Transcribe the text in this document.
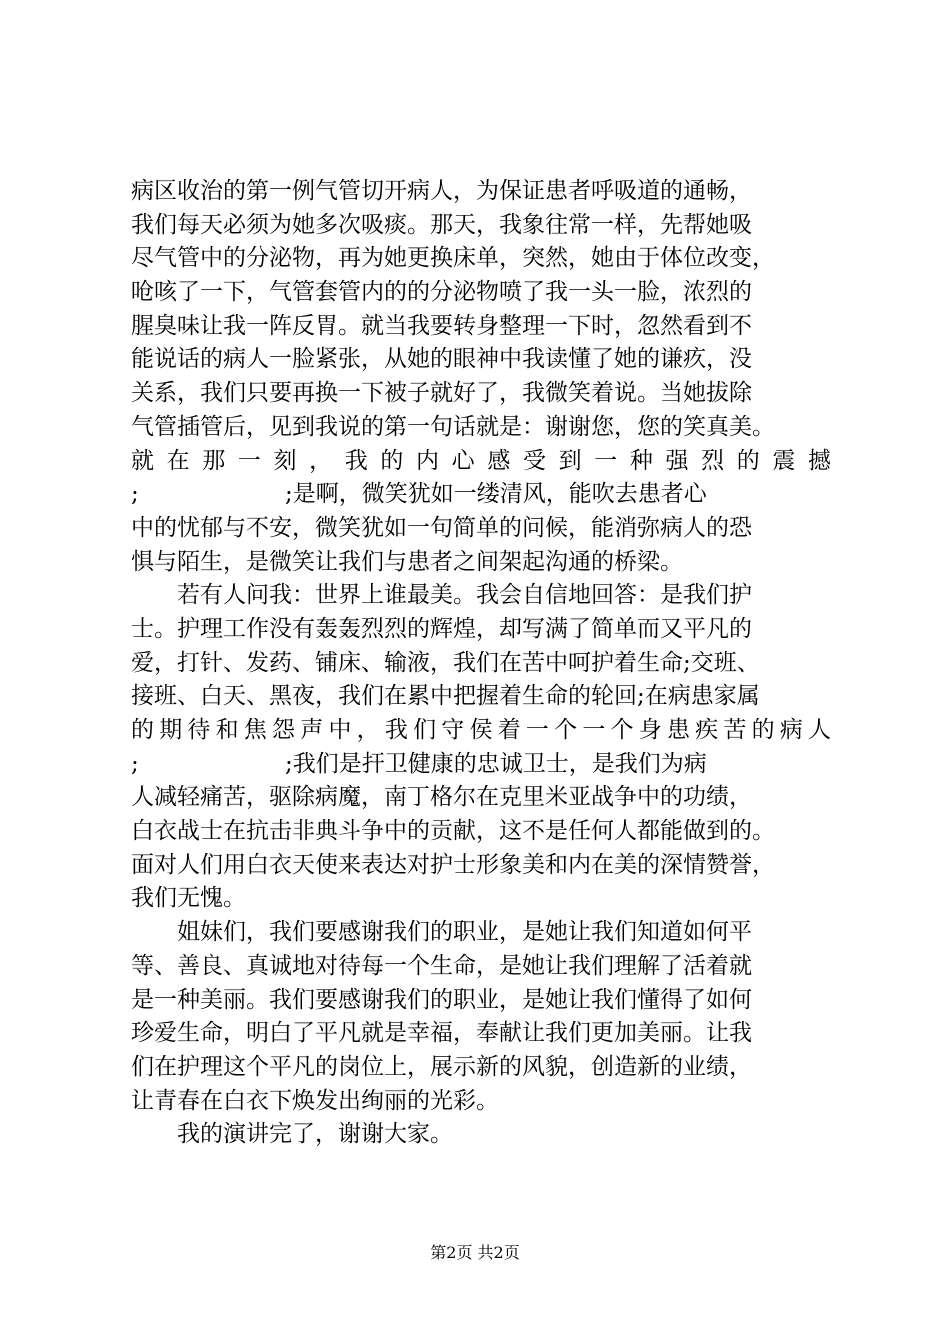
病区收治的第一例气管切开病人，为保证患者呼吸道的通畅，
我们每天必须为她多次吸痰。那天，我象往常一样，先帮她吸
尽气管中的分泌物，再为她更换床单，突然，她由于体位改变，
呛咳了一下，气管套管内的的分泌物喷了我一头一脸，浓烈的
腥臭味让我一阵反胃。就当我要转身整理一下时，忽然看到不
能说话的病人一脸紧张，从她的眼神中我读懂了她的谦疚，没
关系，我们只要再换一下被子就好了，我微笑着说。当她拔除
气管插管后，见到我说的第一句话就是：谢谢您，您的笑真美。
就在那一刻，我的内心感受到一种强烈的震撼
;                    ;是啊，微笑犹如一缕清风，能吹去患者心
中的忧郁与不安，微笑犹如一句简单的问候，能消弥病人的恐
惧与陌生，是微笑让我们与患者之间架起沟通的桥梁。
若有人问我：世界上谁最美。我会自信地回答：是我们护
士。护理工作没有轰轰烈烈的辉煌，却写满了简单而又平凡的
爱，打针、发药、铺床、输液，我们在苦中呵护着生命;交班、
接班、白天、黑夜，我们在累中把握着生命的轮回;在病患家属
的期待和焦怨声中，我们守侯着一个一个身患疾苦的病人
;                    ;我们是扞卫健康的忠诚卫士，是我们为病
人减轻痛苦，驱除病魔，南丁格尔在克里米亚战争中的功绩，
白衣战士在抗击非典斗争中的贡献，这不是任何人都能做到的。
面对人们用白衣天使来表达对护士形象美和内在美的深情赞誉，
我们无愧。
姐妹们，我们要感谢我们的职业，是她让我们知道如何平
等、善良、真诚地对待每一个生命，是她让我们理解了活着就
是一种美丽。我们要感谢我们的职业，是她让我们懂得了如何
珍爱生命，明白了平凡就是幸福，奉献让我们更加美丽。让我
们在护理这个平凡的岗位上，展示新的风貌，创造新的业绩，
让青春在白衣下焕发出绚丽的光彩。
我的演讲完了，谢谢大家。
第2页 共2页
